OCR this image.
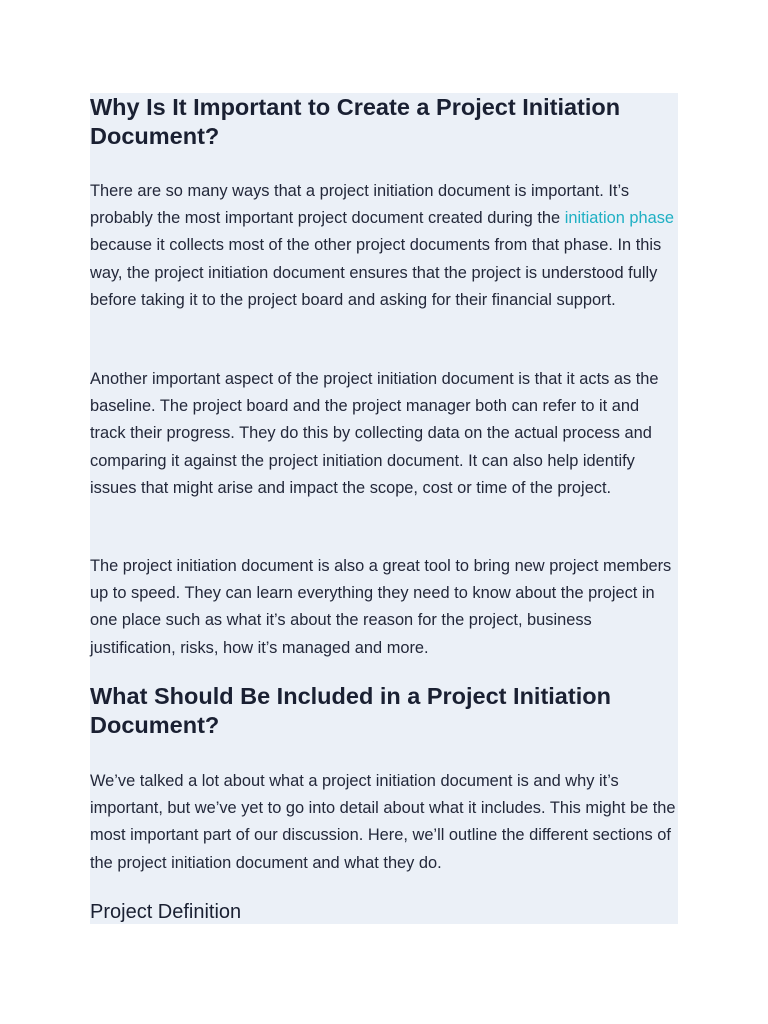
Why Is It Important to Create a Project Initiation Document?

There are so many ways that a project initiation document is important. It’s probably the most important project document created during the initiation phase because it collects most of the other project documents from that phase. In this way, the project initiation document ensures that the project is understood fully before taking it to the project board and asking for their financial support.

Another important aspect of the project initiation document is that it acts as the baseline. The project board and the project manager both can refer to it and track their progress. They do this by collecting data on the actual process and comparing it against the project initiation document. It can also help identify issues that might arise and impact the scope, cost or time of the project.

The project initiation document is also a great tool to bring new project members up to speed. They can learn everything they need to know about the project in one place such as what it’s about the reason for the project, business justification, risks, how it’s managed and more.

What Should Be Included in a Project Initiation Document?

We’ve talked a lot about what a project initiation document is and why it’s important, but we’ve yet to go into detail about what it includes. This might be the most important part of our discussion. Here, we’ll outline the different sections of the project initiation document and what they do.

Project Definition
